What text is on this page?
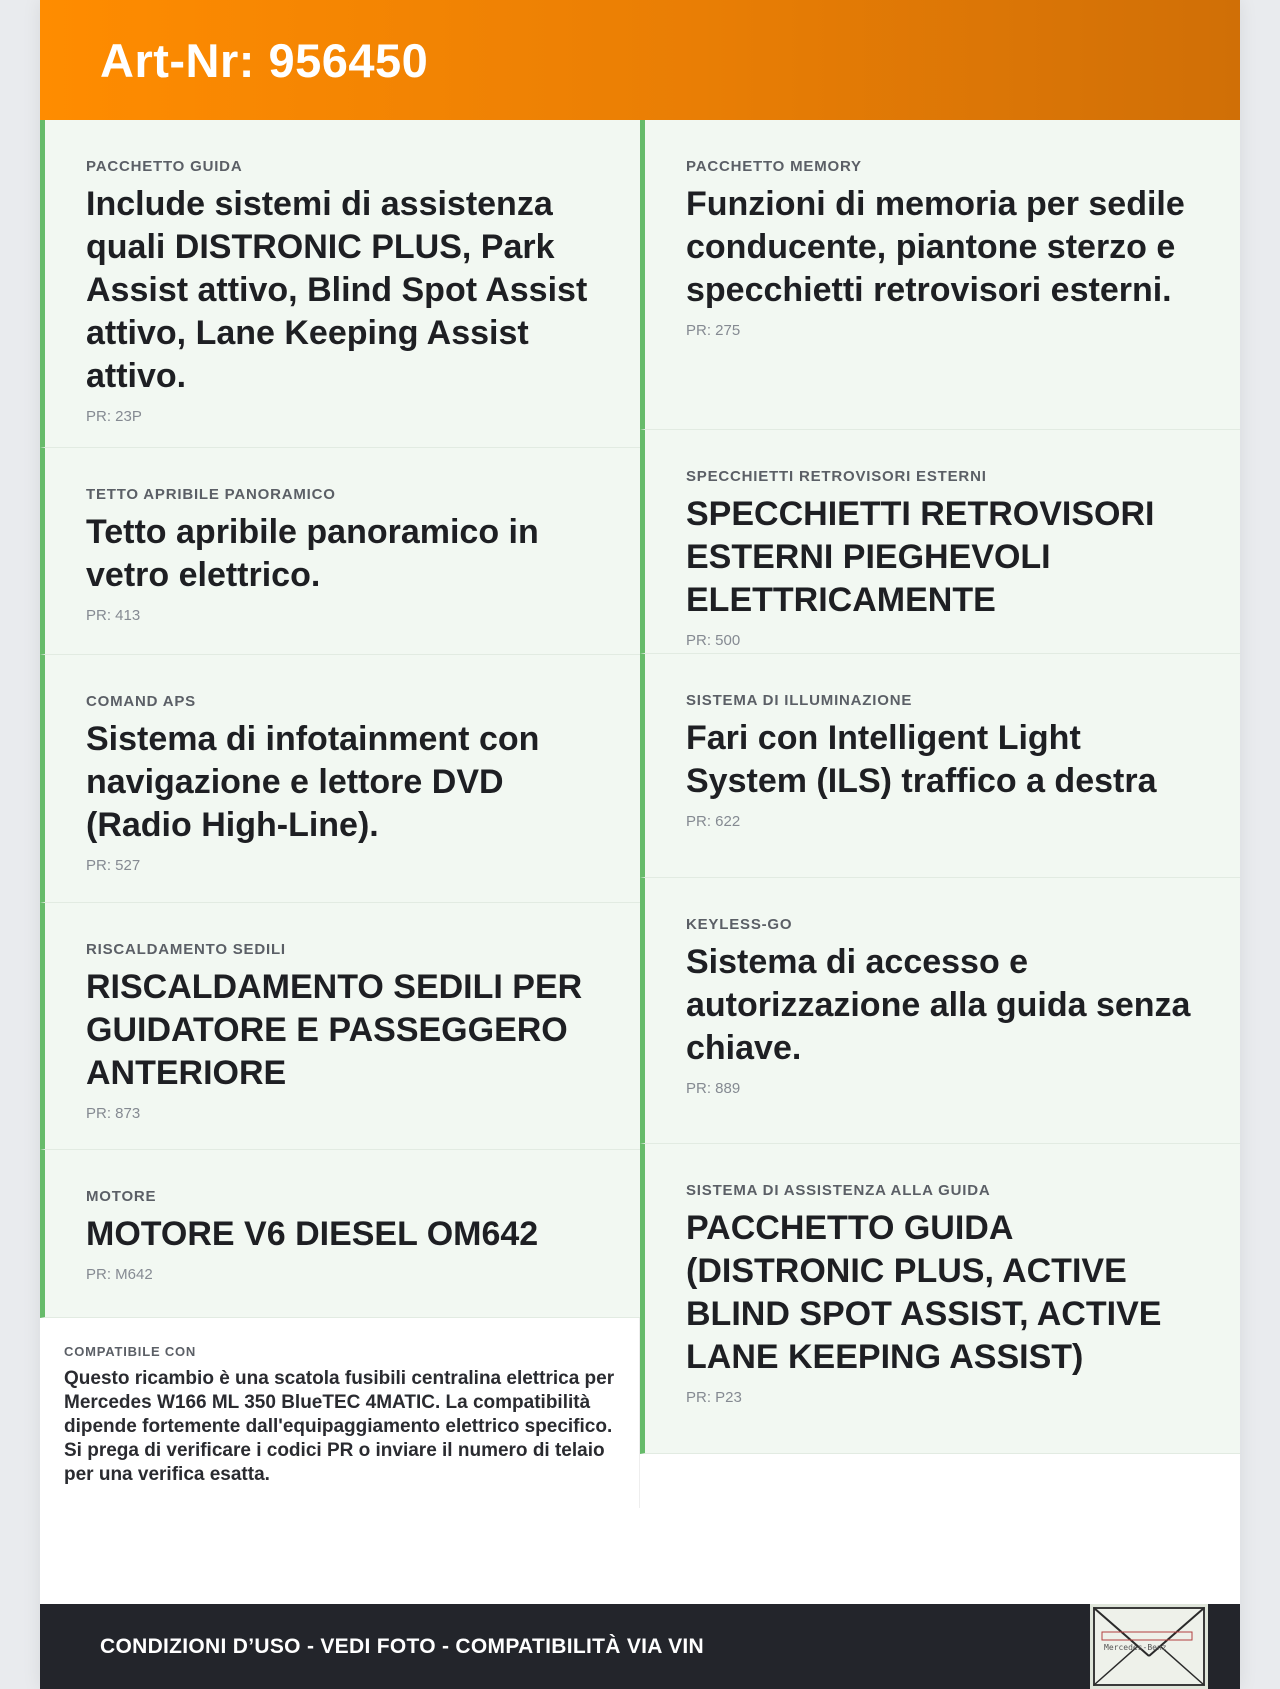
Art-Nr: 956450
PACCHETTO GUIDA
Include sistemi di assistenza quali DISTRONIC PLUS, Park Assist attivo, Blind Spot Assist attivo, Lane Keeping Assist attivo.
PR: 23P
TETTO APRIBILE PANORAMICO
Tetto apribile panoramico in vetro elettrico.
PR: 413
COMAND APS
Sistema di infotainment con navigazione e lettore DVD (Radio High-Line).
PR: 527
RISCALDAMENTO SEDILI
RISCALDAMENTO SEDILI PER GUIDATORE E PASSEGGERO ANTERIORE
PR: 873
MOTORE
MOTORE V6 DIESEL OM642
PR: M642
COMPATIBILE CON
Questo ricambio è una scatola fusibili centralina elettrica per Mercedes W166 ML 350 BlueTEC 4MATIC. La compatibilità dipende fortemente dall'equipaggiamento elettrico specifico. Si prega di verificare i codici PR o inviare il numero di telaio per una verifica esatta.
PACCHETTO MEMORY
Funzioni di memoria per sedile conducente, piantone sterzo e specchietti retrovisori esterni.
PR: 275
SPECCHIETTI RETROVISORI ESTERNI
SPECCHIETTI RETROVISORI ESTERNI PIEGHEVOLI ELETTRICAMENTE
PR: 500
SISTEMA DI ILLUMINAZIONE
Fari con Intelligent Light System (ILS) traffico a destra
PR: 622
KEYLESS-GO
Sistema di accesso e autorizzazione alla guida senza chiave.
PR: 889
SISTEMA DI ASSISTENZA ALLA GUIDA
PACCHETTO GUIDA (DISTRONIC PLUS, ACTIVE BLIND SPOT ASSIST, ACTIVE LANE KEEPING ASSIST)
PR: P23
CONDIZIONI D’USO - VEDI FOTO - COMPATIBILITÀ VIA VIN	Mercedes-Benz
